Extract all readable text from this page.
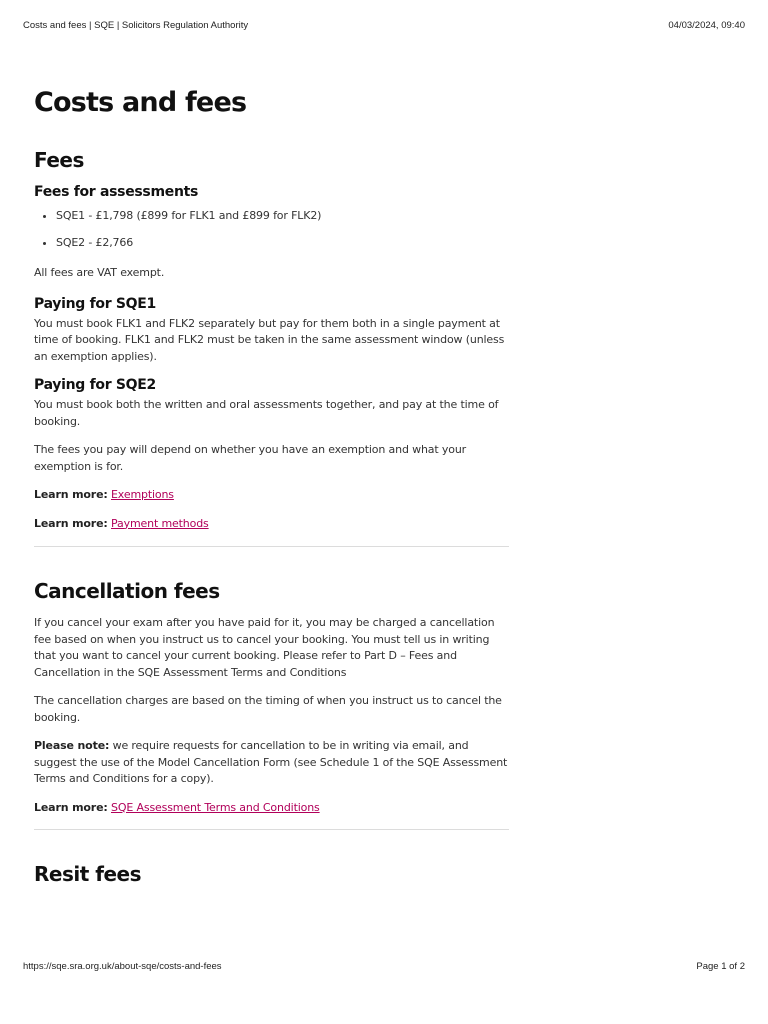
Costs and fees | SQE | Solicitors Regulation Authority	04/03/2024, 09:40
Costs and fees
Fees
Fees for assessments
• SQE1 - £1,798 (£899 for FLK1 and £899 for FLK2)
• SQE2 - £2,766

All fees are VAT exempt.

Paying for SQE1

You must book FLK1 and FLK2 separately but pay for them both in a single payment at time of booking. FLK1 and FLK2 must be taken in the same assessment window (unless an exemption applies).

Paying for SQE2

You must book both the written and oral assessments together, and pay at the time of booking.

The fees you pay will depend on whether you have an exemption and what your exemption is for.

Learn more: Exemptions

Learn more: Payment methods

Cancellation fees

If you cancel your exam after you have paid for it, you may be charged a cancellation fee based on when you instruct us to cancel your booking. You must tell us in writing that you want to cancel your current booking. Please refer to Part D – Fees and Cancellation in the SQE Assessment Terms and Conditions

The cancellation charges are based on the timing of when you instruct us to cancel the booking.

Please note: we require requests for cancellation to be in writing via email, and suggest the use of the Model Cancellation Form (see Schedule 1 of the SQE Assessment Terms and Conditions for a copy).

Learn more: SQE Assessment Terms and Conditions

Resit fees
https://sqe.sra.org.uk/about-sqe/costs-and-fees	Page 1 of 2
